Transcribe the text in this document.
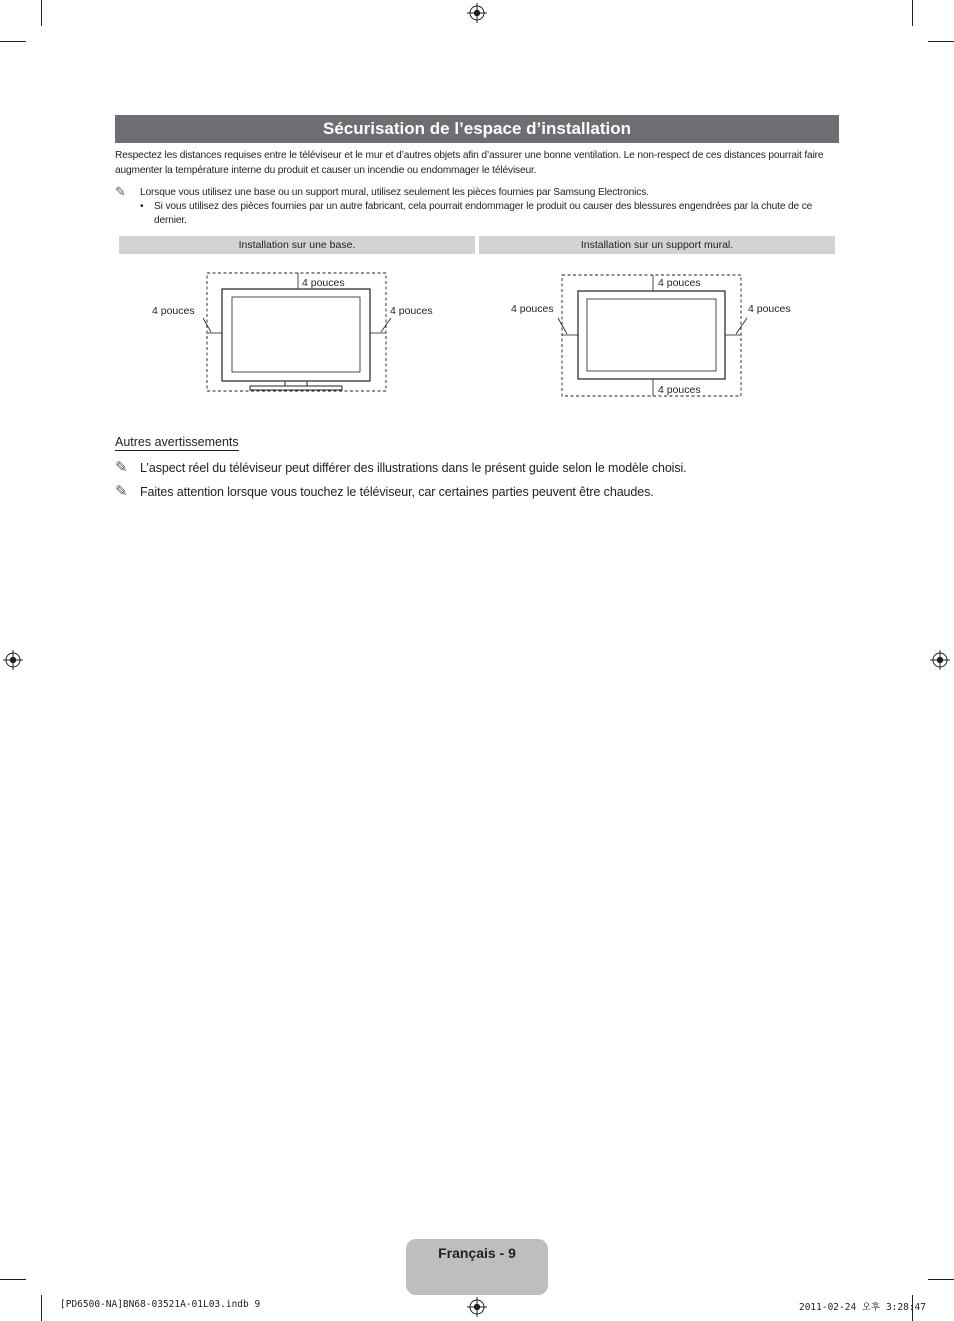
Sécurisation de l’espace d’installation
Respectez les distances requises entre le téléviseur et le mur et d’autres objets afin d’assurer une bonne ventilation. Le non-respect de ces distances pourrait faire augmenter la température interne du produit et causer un incendie ou endommager le téléviseur.
✎ Lorsque vous utilisez une base ou un support mural, utilisez seulement les pièces fournies par Samsung Electronics.
• Si vous utilisez des pièces fournies par un autre fabricant, cela pourrait endommager le produit ou causer des blessures engendrées par la chute de ce dernier.
Installation sur une base.	Installation sur un support mural.
4 pouces
4 pouces	4 pouces
4 pouces
4 pouces	4 pouces
4 pouces
Autres avertissements
✎ L’aspect réel du téléviseur peut différer des illustrations dans le présent guide selon le modèle choisi.
✎ Faites attention lorsque vous touchez le téléviseur, car certaines parties peuvent être chaudes.
Français - 9
[PD6500-NA]BN68-03521A-01L03.indb 9	2011-02-24 오후 3:28:47
